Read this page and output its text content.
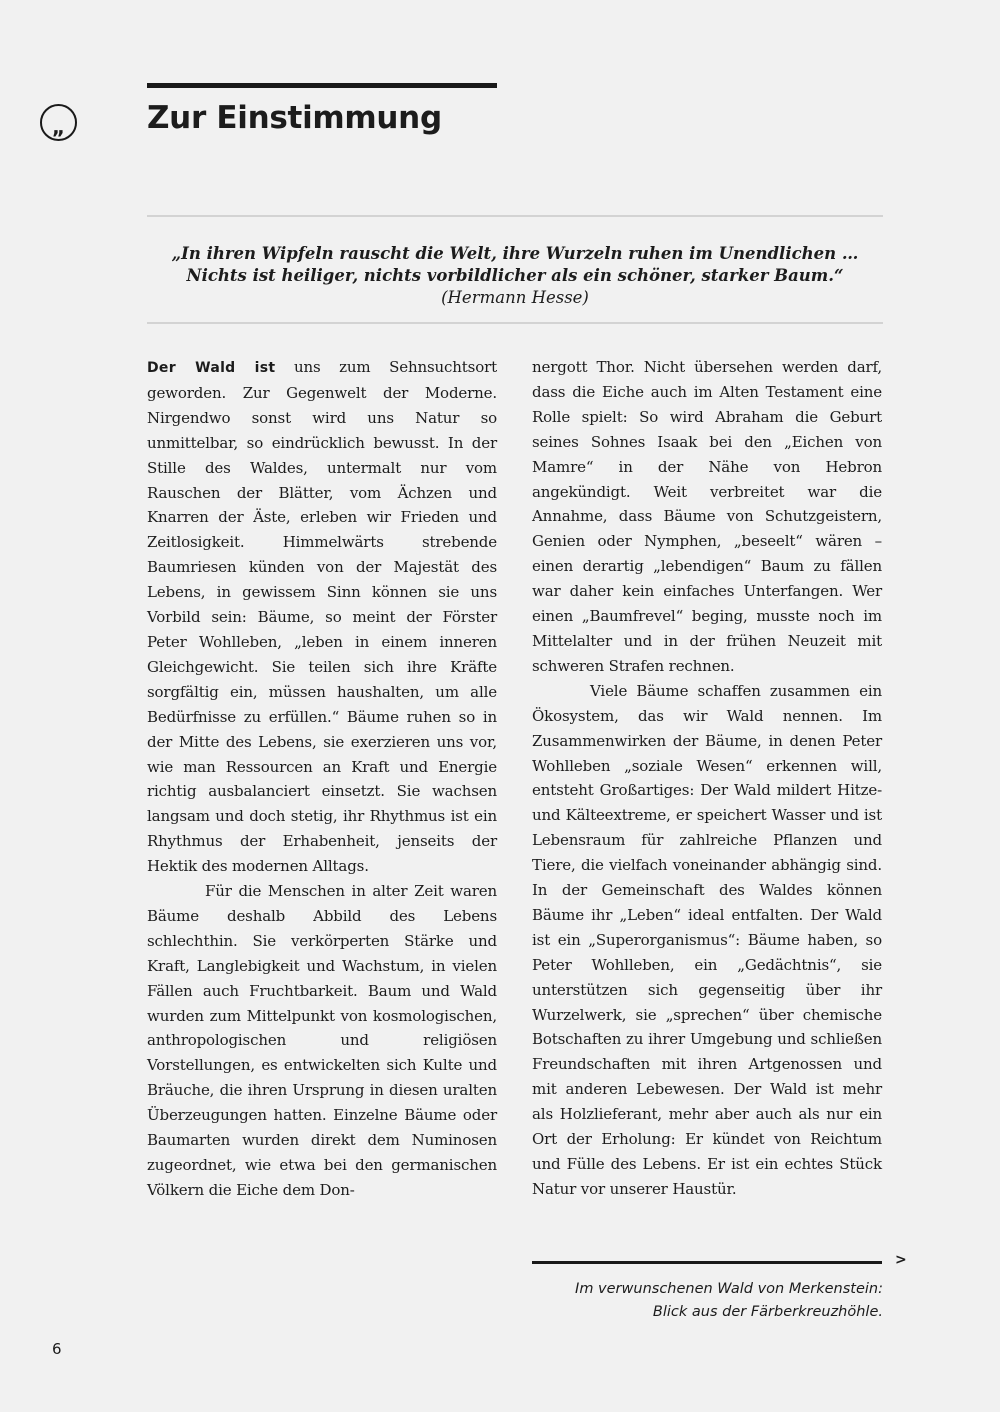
„	Zur Einstimmung
„In ihren Wipfeln rauscht die Welt, ihre Wurzeln ruhen im Unendlichen …
Nichts ist heiliger, nichts vorbildlicher als ein schöner, starker Baum.“
(Hermann Hesse)

Der Wald ist uns zum Sehnsuchtsort geworden. Zur Gegenwelt der Moderne. Nirgendwo sonst wird uns Natur so unmittelbar, so eindrücklich bewusst. In der Stille des Waldes, untermalt nur vom Rauschen der Blätter, vom Ächzen und Knarren der Äste, erleben wir Frieden und Zeitlosigkeit. Himmelwärts strebende Baumriesen künden von der Majestät des Lebens, in gewissem Sinn können sie uns Vorbild sein: Bäume, so meint der Förster Peter Wohlleben, „leben in einem inneren Gleichgewicht. Sie teilen sich ihre Kräfte sorgfältig ein, müssen haushalten, um alle Bedürfnisse zu erfüllen.“ Bäume ruhen so in der Mitte des Lebens, sie exerzieren uns vor, wie man Ressourcen an Kraft und Energie richtig ausbalanciert einsetzt. Sie wachsen langsam und doch stetig, ihr Rhythmus ist ein Rhythmus der Erhabenheit, jenseits der Hektik des modernen Alltags.

Für die Menschen in alter Zeit waren Bäume deshalb Abbild des Lebens schlechthin. Sie verkörperten Stärke und Kraft, Langlebigkeit und Wachstum, in vielen Fällen auch Fruchtbarkeit. Baum und Wald wurden zum Mittelpunkt von kosmologischen, anthropologischen und religiösen Vorstellungen, es entwickelten sich Kulte und Bräuche, die ihren Ursprung in diesen uralten Überzeugungen hatten. Einzelne Bäume oder Baumarten wurden direkt dem Numinosen zugeordnet, wie etwa bei den germanischen Völkern die Eiche dem Don-

nergott Thor. Nicht übersehen werden darf, dass die Eiche auch im Alten Testament eine Rolle spielt: So wird Abraham die Geburt seines Sohnes Isaak bei den „Eichen von Mamre“ in der Nähe von Hebron angekündigt. Weit verbreitet war die Annahme, dass Bäume von Schutzgeistern, Genien oder Nymphen, „beseelt“ wären – einen derartig „lebendigen“ Baum zu fällen war daher kein einfaches Unterfangen. Wer einen „Baumfrevel“ beging, musste noch im Mittelalter und in der frühen Neuzeit mit schweren Strafen rechnen.

Viele Bäume schaffen zusammen ein Ökosystem, das wir Wald nennen. Im Zusammenwirken der Bäume, in denen Peter Wohlleben „soziale Wesen“ erkennen will, entsteht Großartiges: Der Wald mildert Hitze- und Kälteextreme, er speichert Wasser und ist Lebensraum für zahlreiche Pflanzen und Tiere, die vielfach voneinander abhängig sind. In der Gemeinschaft des Waldes können Bäume ihr „Leben“ ideal entfalten. Der Wald ist ein „Superorganismus“: Bäume haben, so Peter Wohlleben, ein „Gedächtnis“, sie unterstützen sich gegenseitig über ihr Wurzelwerk, sie „sprechen“ über chemische Botschaften zu ihrer Umgebung und schließen Freundschaften mit ihren Artgenossen und mit anderen Lebewesen. Der Wald ist mehr als Holzlieferant, mehr aber auch als nur ein Ort der Erholung: Er kündet von Reichtum und Fülle des Lebens. Er ist ein echtes Stück Natur vor unserer Haustür.

>
Im verwunschenen Wald von Merkenstein:
Blick aus der Färberkreuzhöhle.
6
